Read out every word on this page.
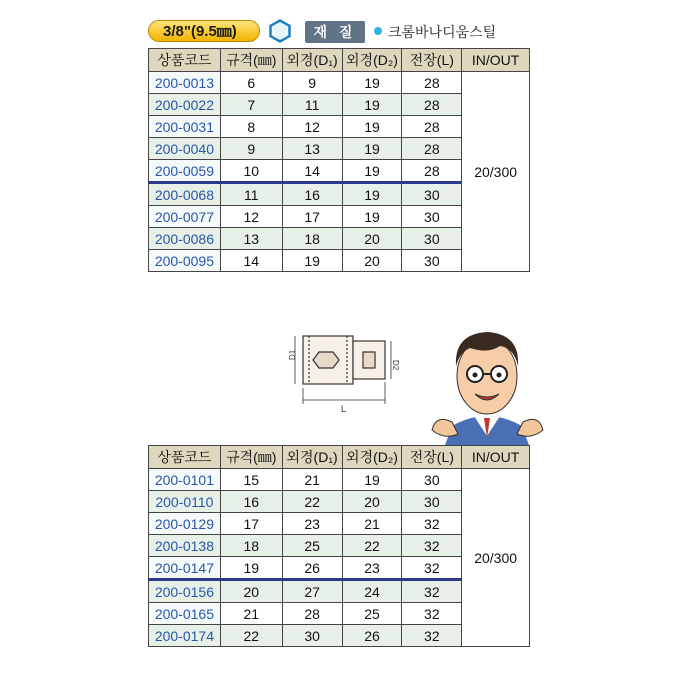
3/8"(9.5㎜)	재 질	크롬바나디움스틸
상품코드	규격(㎜)	외경(D₁)	외경(D₂)	전장(L)	IN/OUT
200-0013	6	9	19	28	20/300
200-0022	7	11	19	28	
200-0031	8	12	19	28	
200-0040	9	13	19	28	
200-0059	10	14	19	28	
200-0068	11	16	19	30	
200-0077	12	17	19	30	
200-0086	13	18	20	30	
200-0095	14	19	20	30	
D1
D2
L
상품코드	규격(㎜)	외경(D₁)	외경(D₂)	전장(L)	IN/OUT
200-0101	15	21	19	30	20/300
200-0110	16	22	20	30	
200-0129	17	23	21	32	
200-0138	18	25	22	32	
200-0147	19	26	23	32	
200-0156	20	27	24	32	
200-0165	21	28	25	32	
200-0174	22	30	26	32	
